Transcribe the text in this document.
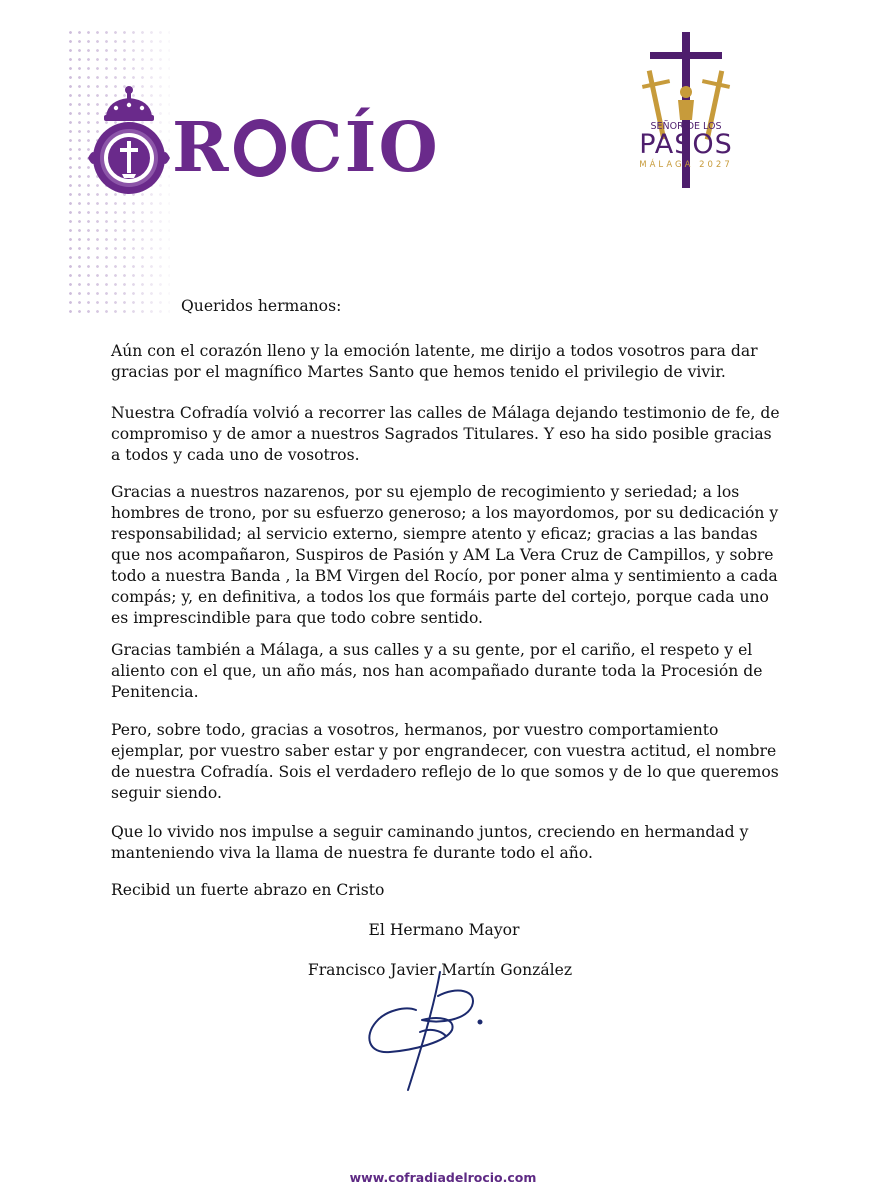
R CÍO	SEÑOR DE LOS
PASOS
MÁLAGA 2027

Queridos hermanos:

Aún con el corazón lleno y la emoción latente, me dirijo a todos vosotros para dar gracias por el magnífico Martes Santo que hemos tenido el privilegio de vivir.

Nuestra Cofradía volvió a recorrer las calles de Málaga dejando testimonio de fe, de compromiso y de amor a nuestros Sagrados Titulares. Y eso ha sido posible gracias a todos y cada uno de vosotros.

Gracias a nuestros nazarenos, por su ejemplo de recogimiento y seriedad; a los hombres de trono, por su esfuerzo generoso; a los mayordomos, por su dedicación y responsabilidad; al servicio externo, siempre atento y eficaz; gracias a las bandas que nos acompañaron, Suspiros de Pasión y AM La Vera Cruz de Campillos, y sobre todo a nuestra Banda , la BM Virgen del Rocío, por poner alma y sentimiento a cada compás; y, en definitiva, a todos los que formáis parte del cortejo, porque cada uno es imprescindible para que todo cobre sentido.

Gracias también a Málaga, a sus calles y a su gente, por el cariño, el respeto y el aliento con el que, un año más, nos han acompañado durante toda la Procesión de Penitencia.

Pero, sobre todo, gracias a vosotros, hermanos, por vuestro comportamiento ejemplar, por vuestro saber estar y por engrandecer, con vuestra actitud, el nombre de nuestra Cofradía. Sois el verdadero reflejo de lo que somos y de lo que queremos seguir siendo.

Que lo vivido nos impulse a seguir caminando juntos, creciendo en hermandad y manteniendo viva la llama de nuestra fe durante todo el año.

Recibid un fuerte abrazo en Cristo

El Hermano Mayor

Francisco Javier Martín González

www.cofradiadelrocio.com
